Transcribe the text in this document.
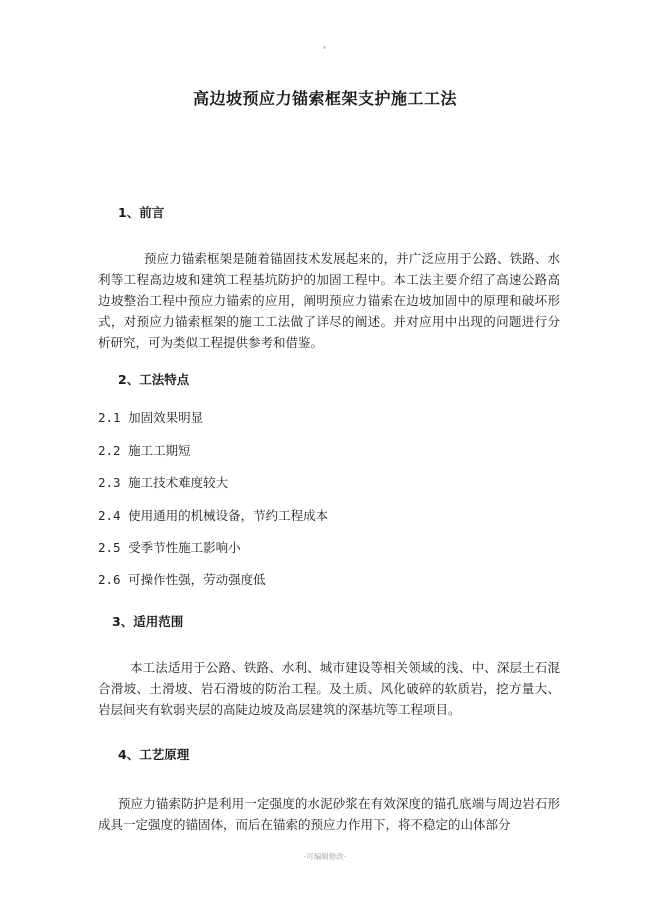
高边坡预应力锚索框架支护施工工法
1、前言
预应力锚索框架是随着锚固技术发展起来的，并广泛应用于公路、铁路、水利等工程高边坡和建筑工程基坑防护的加固工程中。本工法主要介绍了高速公路高边坡整治工程中预应力锚索的应用，阐明预应力锚索在边坡加固中的原理和破坏形式，对预应力锚索框架的施工工法做了详尽的阐述。并对应用中出现的问题进行分析研究，可为类似工程提供参考和借鉴。
2、工法特点
2.1 加固效果明显
2.2 施工工期短
2.3 施工技术难度较大
2.4 使用通用的机械设备，节约工程成本
2.5 受季节性施工影响小
2.6 可操作性强，劳动强度低
3、适用范围
本工法适用于公路、铁路、水利、城市建设等相关领域的浅、中、深层土石混合滑坡、土滑坡、岩石滑坡的防治工程。及土质、风化破碎的软质岩，挖方量大、岩层间夹有软弱夹层的高陡边坡及高层建筑的深基坑等工程项目。
4、工艺原理
预应力锚索防护是利用一定强度的水泥砂浆在有效深度的锚孔底端与周边岩石形成具一定强度的锚固体，而后在锚索的预应力作用下，将不稳定的山体部分
-可编辑修改-
